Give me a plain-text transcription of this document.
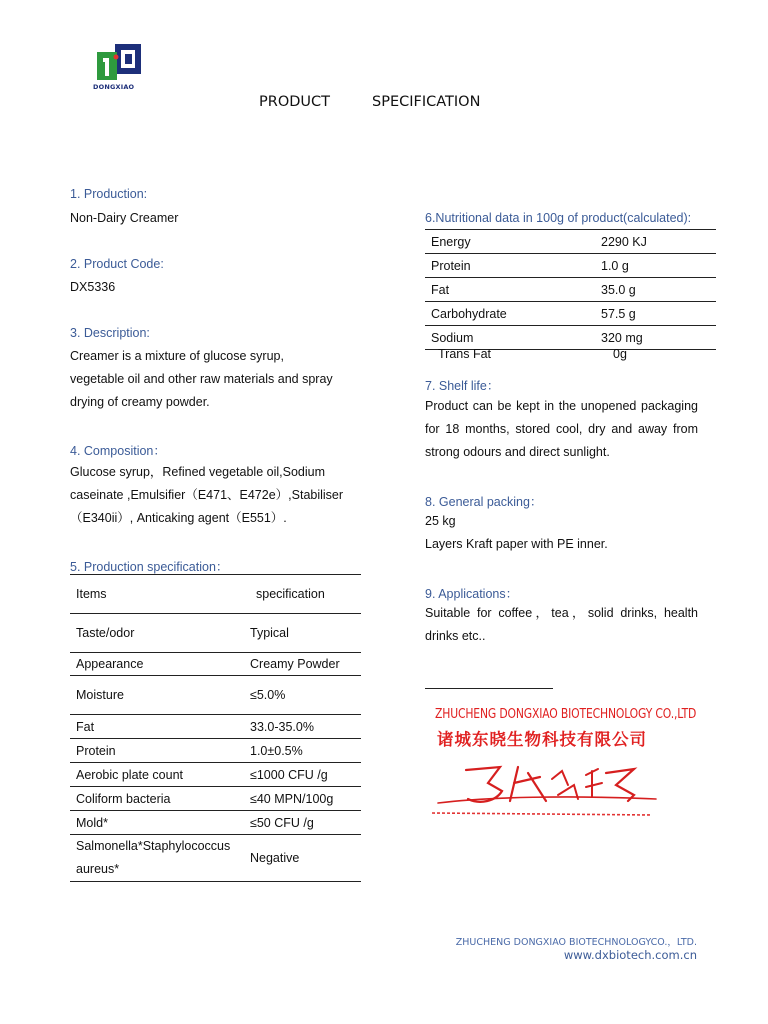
DONGXIAO
PRODUCT	SPECIFICATION
1. Production:
Non-Dairy Creamer
2. Product Code:
DX5336
3. Description:
Creamer is a mixture of glucose syrup,
vegetable oil and other raw materials and spray
drying of creamy powder.
4. Composition：
Glucose syrup，Refined vegetable oil,Sodium
caseinate ,Emulsifier（E471、E472e）,Stabiliser
（E340ii）, Anticaking agent（E551）.
5. Production specification：
Items	specification
Taste/odor	Typical
Appearance	Creamy Powder
Moisture	≤5.0%
Fat	33.0-35.0%
Protein	1.0±0.5%
Aerobic plate count	≤1000 CFU /g
Coliform bacteria	≤40 MPN/100g
Mold*	≤50 CFU /g
Salmonella*Staphylococcus aureus*	Negative
6.Nutritional data in 100g of product(calculated):
Energy	2290 KJ
Protein	1.0 g
Fat	35.0 g
Carbohydrate	57.5 g
Sodium	320 mg
Trans Fat	0g
7. Shelf life：
Product can be kept in the unopened packaging
for 18 months, stored cool, dry and away from
strong odours and direct sunlight.
8. General packing：
25 kg
Layers Kraft paper with PE inner.
9. Applications：
Suitable for coffee，tea，solid drinks, health
drinks etc..
ZHUCHENG DONGXIAO BIOTECHNOLOGY CO.,LTD
诸城东晓生物科技有限公司
ZHUCHENG DONGXIAO BIOTECHNOLOGYCO.，LTD.
www.dxbiotech.com.cn
